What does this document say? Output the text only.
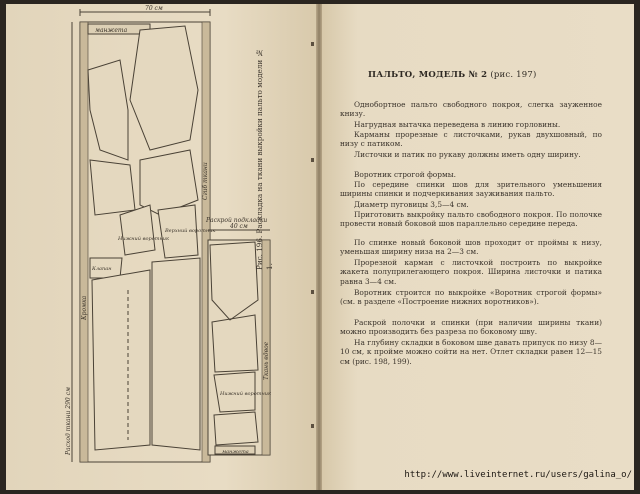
70 см
манжета
Сгиб ткани
Кромка
Верхний воротник
Нижний воротник
Клапан
Расход ткани 290 см
Раскрой подкладки
40 см
Ткань вдвое
Нижний воротник
манжета
Рис. 196. Раскладка на ткани выкройки пальто модели № 1.
ПАЛЬТО, МОДЕЛЬ № 2 (рис. 197)
Однобортное пальто свободного покроя, слегка зауженное книзу.
Нагрудная вытачка переведена в линию горловины.
Карманы прорезные с листочками, рукав двухшовный, по низу с патиком.
Листочки и патик по рукаву должны иметь одну ширину.
Воротник строгой формы.
По середине спинки шов для зрительного уменьшения ширины спинки и подчеркивания зауживания пальто.
Диаметр пуговицы 3,5—4 см.
Приготовить выкройку пальто свободного покроя. По полочке провести новый боковой шов параллельно середине переда.
По спинке новый боковой шов проходит от проймы к низу, уменьшая ширину низа на 2—3 см.
Прорезной карман с листочкой построить по выкройке жакета полуприлегающего покроя. Ширина листочки и патика равна 3—4 см.
Воротник строится по выкройке «Воротник строгой формы» (см. в разделе «Построение нижних воротников»).
Раскрой полочки и спинки (при наличии ширины ткани) можно производить без разреза по боковому шву.
На глубину складки в боковом шве давать припуск по низу 8—10 см, к пройме можно сойти на нет. Отлет складки равен 12—15 см (рис. 198, 199).
http://www.liveinternet.ru/users/galina_o/
